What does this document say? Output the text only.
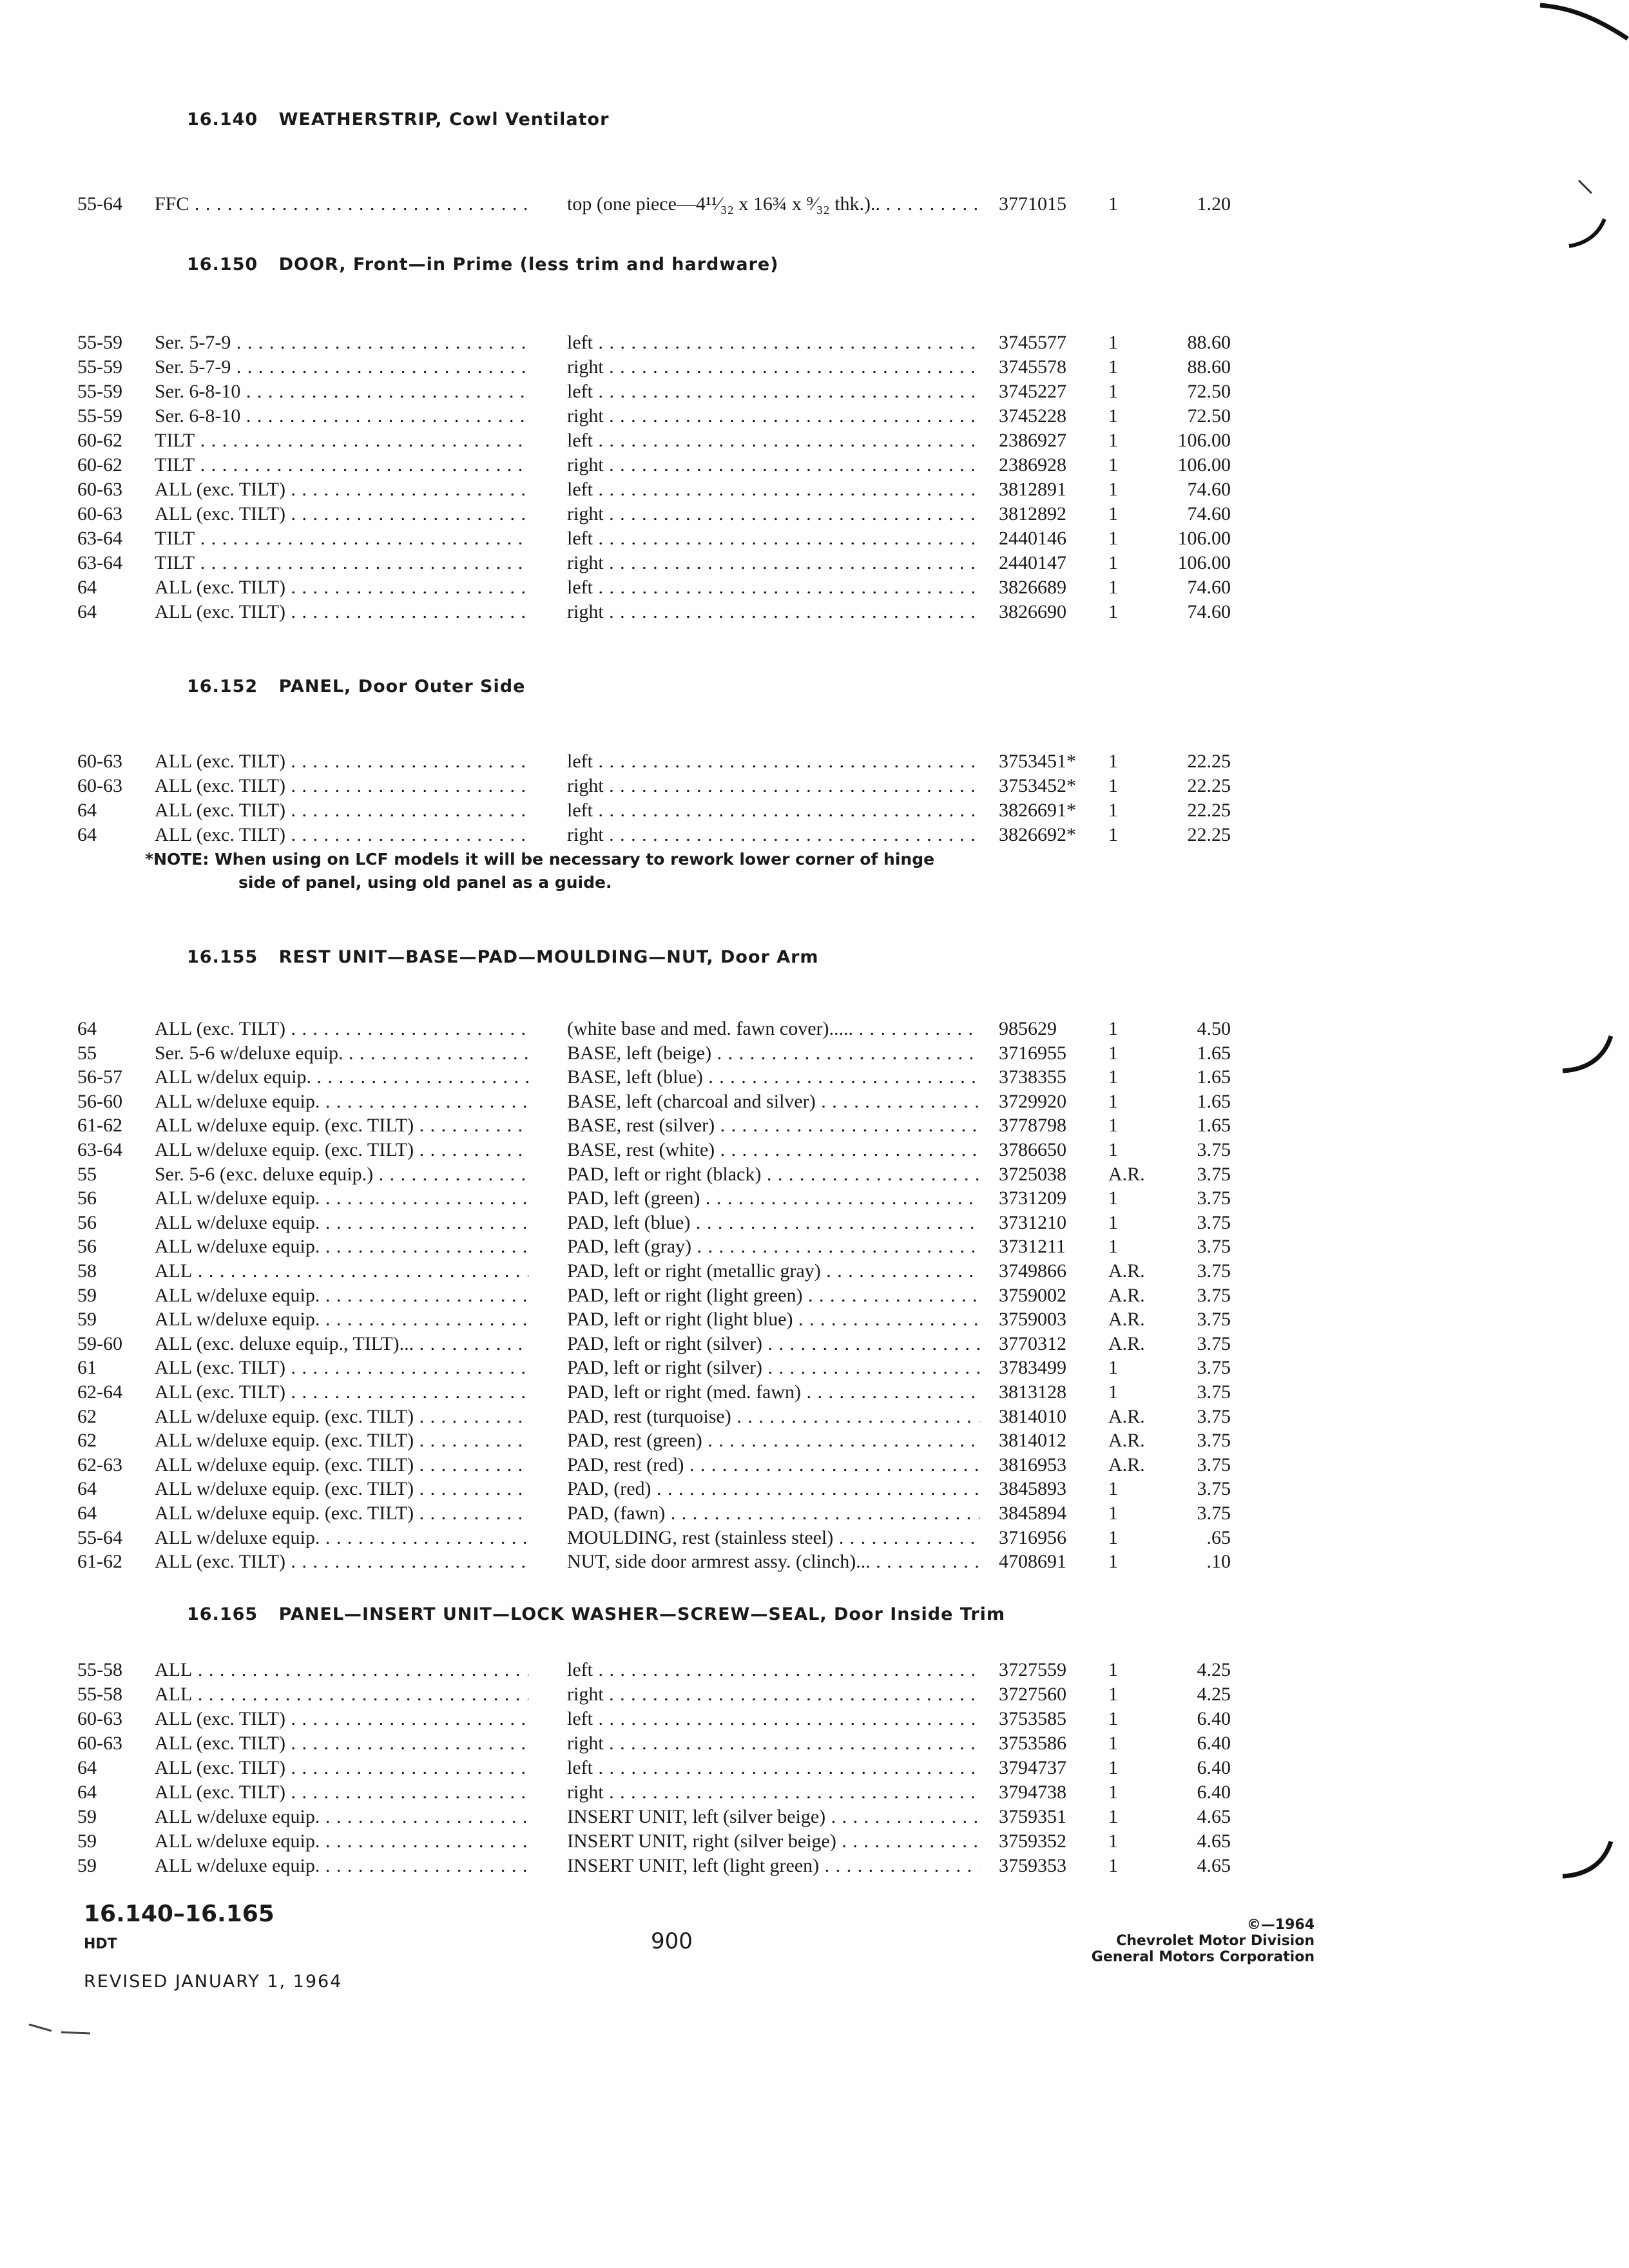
16.140 WEATHERSTRIP, Cowl Ventilator
55-64	FFC . . .	top (one piece—4¹¹⁄₃₂ x 16¾ x ⁹⁄₃₂ thk.).. . . .	3771015	1	1.20
16.150 DOOR, Front—in Prime (less trim and hardware)
55-59	Ser. 5-7-9 . . .	left . . .	3745577	1	88.60
55-59	Ser. 5-7-9 . . .	right . . .	3745578	1	88.60
55-59	Ser. 6-8-10 . . .	left . . .	3745227	1	72.50
55-59	Ser. 6-8-10 . . .	right . . .	3745228	1	72.50
60-62	TILT . . .	left . . .	2386927	1	106.00
60-62	TILT . . .	right . . .	2386928	1	106.00
60-63	ALL (exc. TILT) . . .	left . . .	3812891	1	74.60
60-63	ALL (exc. TILT) . . .	right . . .	3812892	1	74.60
63-64	TILT . . .	left . . .	2440146	1	106.00
63-64	TILT . . .	right . . .	2440147	1	106.00
64	ALL (exc. TILT) . . .	left . . .	3826689	1	74.60
64	ALL (exc. TILT) . . .	right . . .	3826690	1	74.60
16.152 PANEL, Door Outer Side
60-63	ALL (exc. TILT) . . .	left . . .	3753451*	1	22.25
60-63	ALL (exc. TILT) . . .	right . . .	3753452*	1	22.25
64	ALL (exc. TILT) . . .	left . . .	3826691*	1	22.25
64	ALL (exc. TILT) . . .	right . . .	3826692*	1	22.25
*NOTE: When using on LCF models it will be necessary to rework lower corner of hinge
side of panel, using old panel as a guide.
16.155 REST UNIT—BASE—PAD—MOULDING—NUT, Door Arm
64	ALL (exc. TILT) . . .	(white base and med. fawn cover)..... . . .	985629	1	4.50
55	Ser. 5-6 w/deluxe equip. . . .	BASE, left (beige) . . .	3716955	1	1.65
56-57	ALL w/delux equip. . . .	BASE, left (blue) . . .	3738355	1	1.65
56-60	ALL w/deluxe equip. . . .	BASE, left (charcoal and silver) . . .	3729920	1	1.65
61-62	ALL w/deluxe equip. (exc. TILT) . . .	BASE, rest (silver) . . .	3778798	1	1.65
63-64	ALL w/deluxe equip. (exc. TILT) . . .	BASE, rest (white) . . .	3786650	1	3.75
55	Ser. 5-6 (exc. deluxe equip.) . . .	PAD, left or right (black) . . .	3725038	A.R.	3.75
56	ALL w/deluxe equip. . . .	PAD, left (green) . . .	3731209	1	3.75
56	ALL w/deluxe equip. . . .	PAD, left (blue) . . .	3731210	1	3.75
56	ALL w/deluxe equip. . . .	PAD, left (gray) . . .	3731211	1	3.75
58	ALL . . .	PAD, left or right (metallic gray) . . .	3749866	A.R.	3.75
59	ALL w/deluxe equip. . . .	PAD, left or right (light green) . . .	3759002	A.R.	3.75
59	ALL w/deluxe equip. . . .	PAD, left or right (light blue) . . .	3759003	A.R.	3.75
59-60	ALL (exc. deluxe equip., TILT)... . . .	PAD, left or right (silver) . . .	3770312	A.R.	3.75
61	ALL (exc. TILT) . . .	PAD, left or right (silver) . . .	3783499	1	3.75
62-64	ALL (exc. TILT) . . .	PAD, left or right (med. fawn) . . .	3813128	1	3.75
62	ALL w/deluxe equip. (exc. TILT) . . .	PAD, rest (turquoise) . . .	3814010	A.R.	3.75
62	ALL w/deluxe equip. (exc. TILT) . . .	PAD, rest (green) . . .	3814012	A.R.	3.75
62-63	ALL w/deluxe equip. (exc. TILT) . . .	PAD, rest (red) . . .	3816953	A.R.	3.75
64	ALL w/deluxe equip. (exc. TILT) . . .	PAD, (red) . . .	3845893	1	3.75
64	ALL w/deluxe equip. (exc. TILT) . . .	PAD, (fawn) . . .	3845894	1	3.75
55-64	ALL w/deluxe equip. . . .	MOULDING, rest (stainless steel) . . .	3716956	1	.65
61-62	ALL (exc. TILT) . . .	NUT, side door armrest assy. (clinch)... . . .	4708691	1	.10
16.165 PANEL—INSERT UNIT—LOCK WASHER—SCREW—SEAL, Door Inside Trim
55-58	ALL . . .	left . . .	3727559	1	4.25
55-58	ALL . . .	right . . .	3727560	1	4.25
60-63	ALL (exc. TILT) . . .	left . . .	3753585	1	6.40
60-63	ALL (exc. TILT) . . .	right . . .	3753586	1	6.40
64	ALL (exc. TILT) . . .	left . . .	3794737	1	6.40
64	ALL (exc. TILT) . . .	right . . .	3794738	1	6.40
59	ALL w/deluxe equip. . . .	INSERT UNIT, left (silver beige) . . .	3759351	1	4.65
59	ALL w/deluxe equip. . . .	INSERT UNIT, right (silver beige) . . .	3759352	1	4.65
59	ALL w/deluxe equip. . . .	INSERT UNIT, left (light green) . . .	3759353	1	4.65
16.140–16.165
HDT	900
REVISED JANUARY 1, 1964
©—1964
Chevrolet Motor Division
General Motors Corporation
